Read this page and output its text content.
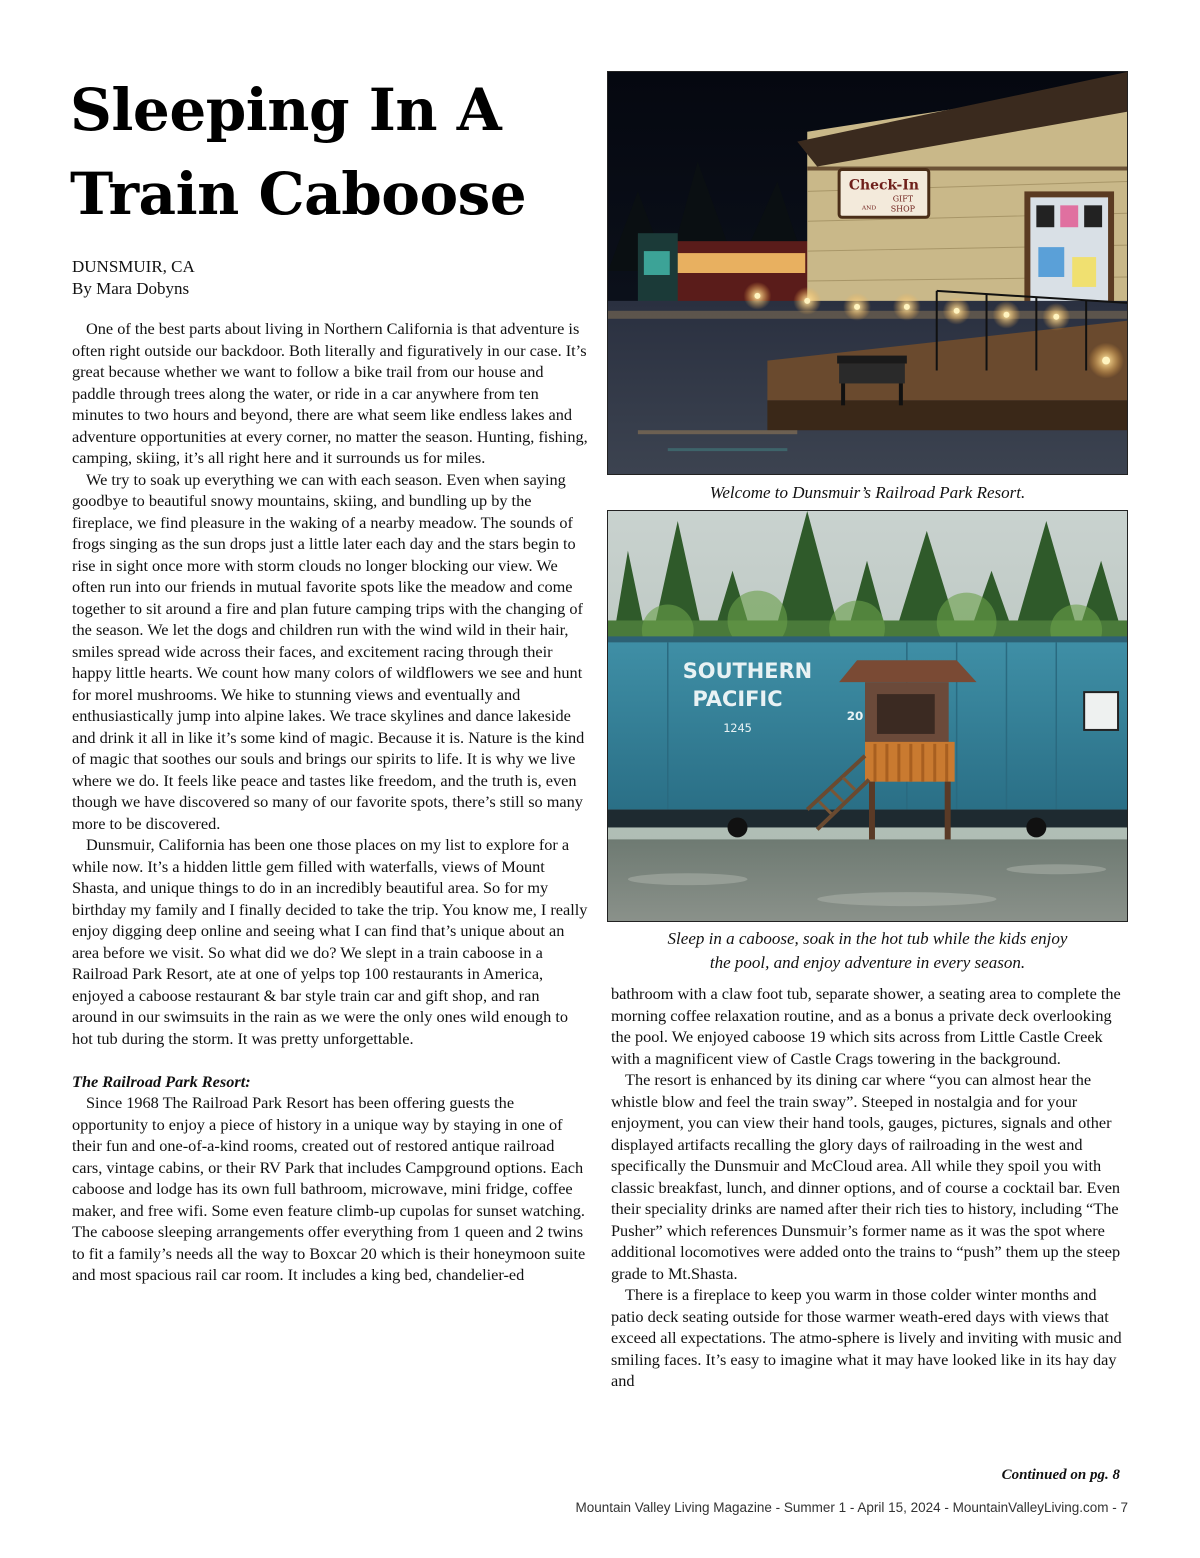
Sleeping In A
Train Caboose
DUNSMUIR, CA
By Mara Dobyns

One of the best parts about living in Northern California is that adventure is often right outside our backdoor. Both literally and figuratively in our case. It’s great because whether we want to follow a bike trail from our house and paddle through trees along the water, or ride in a car anywhere from ten minutes to two hours and beyond, there are what seem like endless lakes and adventure opportunities at every corner, no matter the season. Hunting, fishing, camping, skiing, it’s all right here and it surrounds us for miles.

We try to soak up everything we can with each season. Even when saying goodbye to beautiful snowy mountains, skiing, and bundling up by the fireplace, we find pleasure in the waking of a nearby meadow. The sounds of frogs singing as the sun drops just a little later each day and the stars begin to rise in sight once more with storm clouds no longer blocking our view. We often run into our friends in mutual favorite spots like the meadow and come together to sit around a fire and plan future camping trips with the changing of the season. We let the dogs and children run with the wind wild in their hair, smiles spread wide across their faces, and excitement racing through their happy little hearts. We count how many colors of wildflowers we see and hunt for morel mushrooms. We hike to stunning views and eventually and enthusiastically jump into alpine lakes. We trace skylines and dance lakeside and drink it all in like it’s some kind of magic. Because it is. Nature is the kind of magic that soothes our souls and brings our spirits to life. It is why we live where we do. It feels like peace and tastes like freedom, and the truth is, even though we have discovered so many of our favorite spots, there’s still so many more to be discovered.

Dunsmuir, California has been one those places on my list to explore for a while now. It’s a hidden little gem filled with waterfalls, views of Mount Shasta, and unique things to do in an incredibly beautiful area. So for my birthday my family and I finally decided to take the trip. You know me, I really enjoy digging deep online and seeing what I can find that’s unique about an area before we visit. So what did we do? We slept in a train caboose in a Railroad Park Resort, ate at one of yelps top 100 restaurants in America, enjoyed a caboose restaurant & bar style train car and gift shop, and ran around in our swimsuits in the rain as we were the only ones wild enough to hot tub during the storm. It was pretty unforgettable.

The Railroad Park Resort:

Since 1968 The Railroad Park Resort has been offering guests the opportunity to enjoy a piece of history in a unique way by staying in one of their fun and one-of-a-kind rooms, created out of restored antique railroad cars, vintage cabins, or their RV Park that includes Campground options. Each caboose and lodge has its own full bathroom, microwave, mini fridge, coffee maker, and free wifi. Some even feature climb-up cupolas for sunset watching. The caboose sleeping arrangements offer everything from 1 queen and 2 twins to fit a family’s needs all the way to Boxcar 20 which is their honeymoon suite and most spacious rail car room. It includes a king bed, chandelier-ed

Check-In
GIFT
AND SHOP
Welcome to Dunsmuir’s Railroad Park Resort.
SOUTHERN
PACIFIC
1245
20
Sleep in a caboose, soak in the hot tub while the kids enjoy
the pool, and enjoy adventure in every season.

bathroom with a claw foot tub, separate shower, a seating area to complete the morning coffee relaxation routine, and as a bonus a private deck overlooking the pool. We enjoyed caboose 19 which sits across from Little Castle Creek with a magnificent view of Castle Crags towering in the background.

The resort is enhanced by its dining car where “you can almost hear the whistle blow and feel the train sway”. Steeped in nostalgia and for your enjoyment, you can view their hand tools, gauges, pictures, signals and other displayed artifacts recalling the glory days of railroading in the west and specifically the Dunsmuir and McCloud area. All while they spoil you with classic breakfast, lunch, and dinner options, and of course a cocktail bar. Even their speciality drinks are named after their rich ties to history, including “The Pusher” which references Dunsmuir’s former name as it was the spot where additional locomotives were added onto the trains to “push” them up the steep grade to Mt.Shasta.

There is a fireplace to keep you warm in those colder winter months and patio deck seating outside for those warmer weath-ered days with views that exceed all expectations. The atmo-sphere is lively and inviting with music and smiling faces. It’s easy to imagine what it may have looked like in its hay day and

Continued on pg. 8
Mountain Valley Living Magazine - Summer 1 - April 15, 2024 - MountainValleyLiving.com - 7
